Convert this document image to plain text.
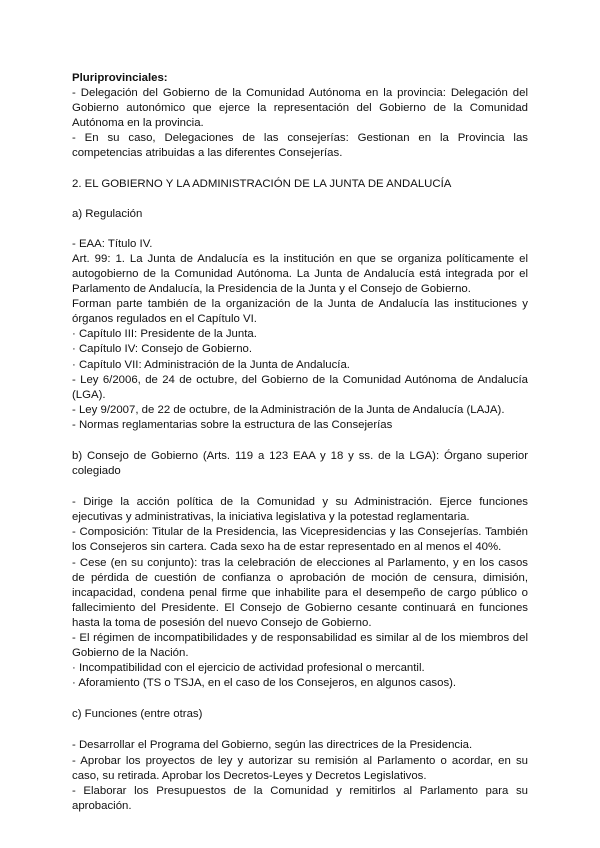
Pluriprovinciales:

- Delegación del Gobierno de la Comunidad Autónoma en la provincia: Delegación del Gobierno autonómico que ejerce la representación del Gobierno de la Comunidad Autónoma en la provincia.

- En su caso, Delegaciones de las consejerías: Gestionan en la Provincia las competencias atribuidas a las diferentes Consejerías.

2. EL GOBIERNO Y LA ADMINISTRACIÓN DE LA JUNTA DE ANDALUCÍA

a) Regulación

- EAA: Título IV.

Art. 99: 1. La Junta de Andalucía es la institución en que se organiza políticamente el autogobierno de la Comunidad Autónoma. La Junta de Andalucía está integrada por el Parlamento de Andalucía, la Presidencia de la Junta y el Consejo de Gobierno.

Forman parte también de la organización de la Junta de Andalucía las instituciones y órganos regulados en el Capítulo VI.

· Capítulo III: Presidente de la Junta.

· Capítulo IV: Consejo de Gobierno.

· Capítulo VII: Administración de la Junta de Andalucía.

- Ley 6/2006, de 24 de octubre, del Gobierno de la Comunidad Autónoma de Andalucía (LGA).

- Ley 9/2007, de 22 de octubre, de la Administración de la Junta de Andalucía (LAJA).

- Normas reglamentarias sobre la estructura de las Consejerías

b) Consejo de Gobierno (Arts. 119 a 123 EAA y 18 y ss. de la LGA): Órgano superior colegiado

- Dirige la acción política de la Comunidad y su Administración. Ejerce funciones ejecutivas y administrativas, la iniciativa legislativa y la potestad reglamentaria.

- Composición: Titular de la Presidencia, las Vicepresidencias y las Consejerías. También los Consejeros sin cartera. Cada sexo ha de estar representado en al menos el 40%.

- Cese (en su conjunto): tras la celebración de elecciones al Parlamento, y en los casos de pérdida de cuestión de confianza o aprobación de moción de censura, dimisión, incapacidad, condena penal firme que inhabilite para el desempeño de cargo público o fallecimiento del Presidente. El Consejo de Gobierno cesante continuará en funciones hasta la toma de posesión del nuevo Consejo de Gobierno.

- El régimen de incompatibilidades y de responsabilidad es similar al de los miembros del Gobierno de la Nación.

· Incompatibilidad con el ejercicio de actividad profesional o mercantil.

· Aforamiento (TS o TSJA, en el caso de los Consejeros, en algunos casos).

c) Funciones (entre otras)

- Desarrollar el Programa del Gobierno, según las directrices de la Presidencia.

- Aprobar los proyectos de ley y autorizar su remisión al Parlamento o acordar, en su caso, su retirada. Aprobar los Decretos-Leyes y Decretos Legislativos.

- Elaborar los Presupuestos de la Comunidad y remitirlos al Parlamento para su aprobación.
